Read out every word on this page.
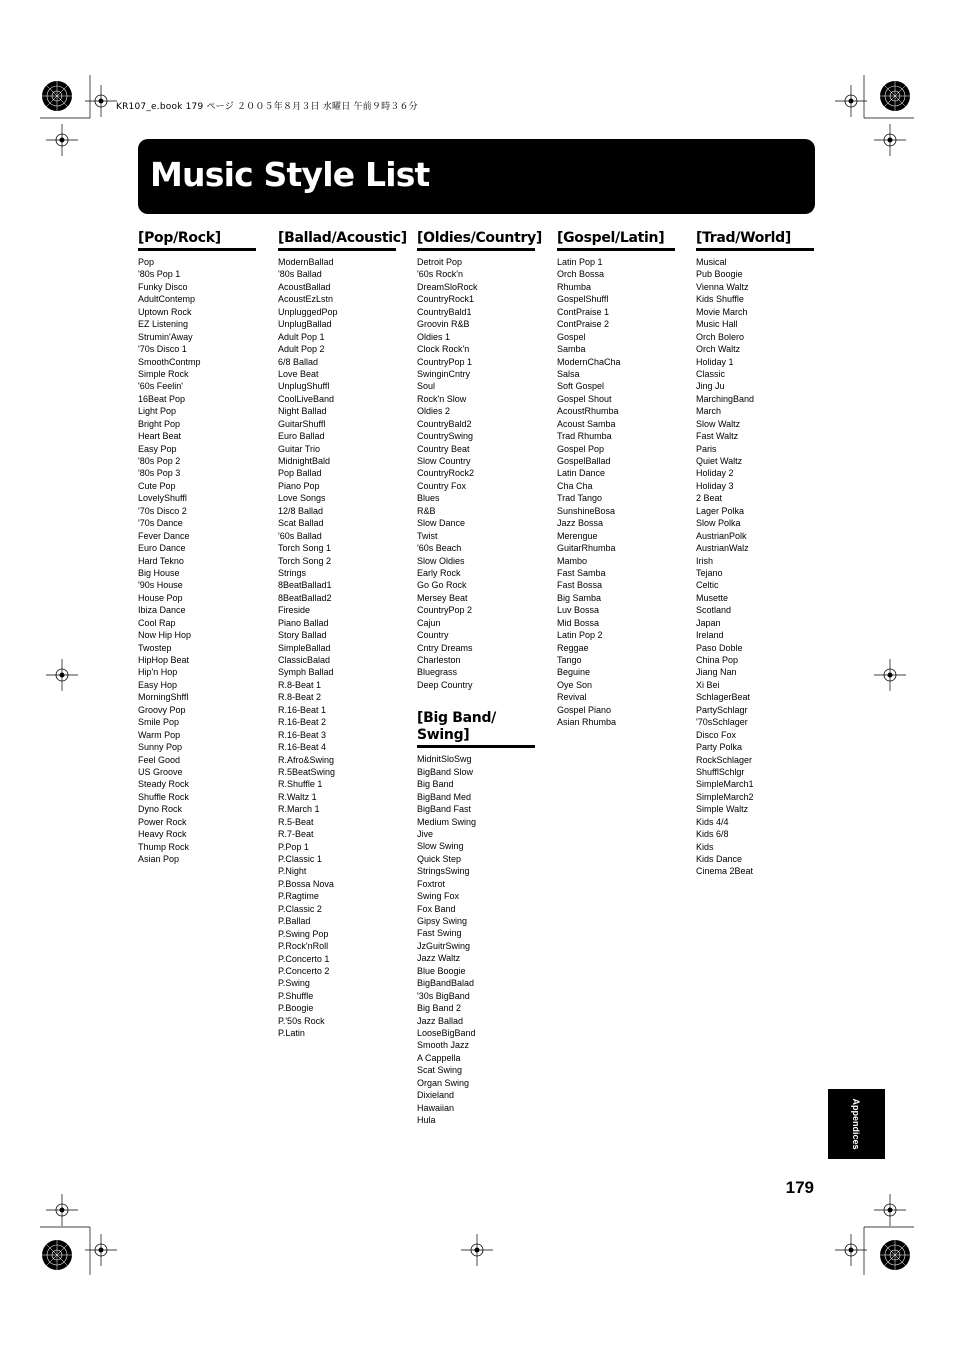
KR107_e.book 179 ページ ２００５年８月３日 水曜日 午前９時３６分
Music Style List
[Pop/Rock]
Pop
'80s Pop 1
Funky Disco
AdultContemp
Uptown Rock
EZ Listening
Strumin'Away
'70s Disco 1
SmoothContmp
Simple Rock
'60s Feelin'
16Beat Pop
Light Pop
Bright Pop
Heart Beat
Easy Pop
'80s Pop 2
'80s Pop 3
Cute Pop
LovelyShuffl
'70s Disco 2
'70s Dance
Fever Dance
Euro Dance
Hard Tekno
Big House
'90s House
House Pop
Ibiza Dance
Cool Rap
Now Hip Hop
Twostep
HipHop Beat
Hip'n Hop
Easy Hop
MorningShffl
Groovy Pop
Smile Pop
Warm Pop
Sunny Pop
Feel Good
US Groove
Steady Rock
Shuffle Rock
Dyno Rock
Power Rock
Heavy Rock
Thump Rock
Asian Pop
[Ballad/Acoustic]
ModernBallad
'80s Ballad
AcoustBallad
AcoustEzLstn
UnpluggedPop
UnplugBallad
Adult Pop 1
Adult Pop 2
6/8 Ballad
Love Beat
UnplugShuffl
CoolLiveBand
Night Ballad
GuitarShuffl
Euro Ballad
Guitar Trio
MidnightBald
Pop Ballad
Piano Pop
Love Songs
12/8 Ballad
Scat Ballad
'60s Ballad
Torch Song 1
Torch Song 2
Strings
8BeatBallad1
8BeatBallad2
Fireside
Piano Ballad
Story Ballad
SimpleBallad
ClassicBalad
Symph Ballad
R.8-Beat 1
R.8-Beat 2
R.16-Beat 1
R.16-Beat 2
R.16-Beat 3
R.16-Beat 4
R.Afro&Swing
R.5BeatSwing
R.Shuffle 1
R.Waltz 1
R.March 1
R.5-Beat
R.7-Beat
P.Pop 1
P.Classic 1
P.Night
P.Bossa Nova
P.Ragtime
P.Classic 2
P.Ballad
P.Swing Pop
P.Rock'nRoll
P.Concerto 1
P.Concerto 2
P.Swing
P.Shuffle
P.Boogie
P.'50s Rock
P.Latin
[Oldies/Country]
Detroit Pop
'60s Rock'n
DreamSloRock
CountryRock1
CountryBald1
Groovin R&B
Oldies 1
Clock Rock'n
CountryPop 1
SwinginCntry
Soul
Rock'n Slow
Oldies 2
CountryBald2
CountrySwing
Country Beat
Slow Country
CountryRock2
Country Fox
Blues
R&B
Slow Dance
Twist
'60s Beach
Slow Oldies
Early Rock
Go Go Rock
Mersey Beat
CountryPop 2
Cajun
Country
Cntry Dreams
Charleston
Bluegrass
Deep Country
[Big Band/ Swing]
MidnitSloSwg
BigBand Slow
Big Band
BigBand Med
BigBand Fast
Medium Swing
Jive
Slow Swing
Quick Step
StringsSwing
Foxtrot
Swing Fox
Fox Band
Gipsy Swing
Fast Swing
JzGuitrSwing
Jazz Waltz
Blue Boogie
BigBandBalad
'30s BigBand
Big Band 2
Jazz Ballad
LooseBigBand
Smooth Jazz
A Cappella
Scat Swing
Organ Swing
Dixieland
Hawaiian
Hula
[Gospel/Latin]
Latin Pop 1
Orch Bossa
Rhumba
GospelShuffl
ContPraise 1
ContPraise 2
Gospel
Samba
ModernChaCha
Salsa
Soft Gospel
Gospel Shout
AcoustRhumba
Acoust Samba
Trad Rhumba
Gospel Pop
GospelBallad
Latin Dance
Cha Cha
Trad Tango
SunshineBosa
Jazz Bossa
Merengue
GuitarRhumba
Mambo
Fast Samba
Fast Bossa
Big Samba
Luv Bossa
Mid Bossa
Latin Pop 2
Reggae
Tango
Beguine
Oye Son
Revival
Gospel Piano
Asian Rhumba
[Trad/World]
Musical
Pub Boogie
Vienna Waltz
Kids Shuffle
Movie March
Music Hall
Orch Bolero
Orch Waltz
Holiday 1
Classic
Jing Ju
MarchingBand
March
Slow Waltz
Fast Waltz
Paris
Quiet Waltz
Holiday 2
Holiday 3
2 Beat
Lager Polka
Slow Polka
AustrianPolk
AustrianWalz
Irish
Tejano
Celtic
Musette
Scotland
Japan
Ireland
Paso Doble
China Pop
Jiang Nan
Xi Bei
SchlagerBeat
PartySchlagr
'70sSchlager
Disco Fox
Party Polka
RockSchlager
ShufflSchlgr
SimpleMarch1
SimpleMarch2
Simple Waltz
Kids 4/4
Kids 6/8
Kids
Kids Dance
Cinema 2Beat
Appendices
179
